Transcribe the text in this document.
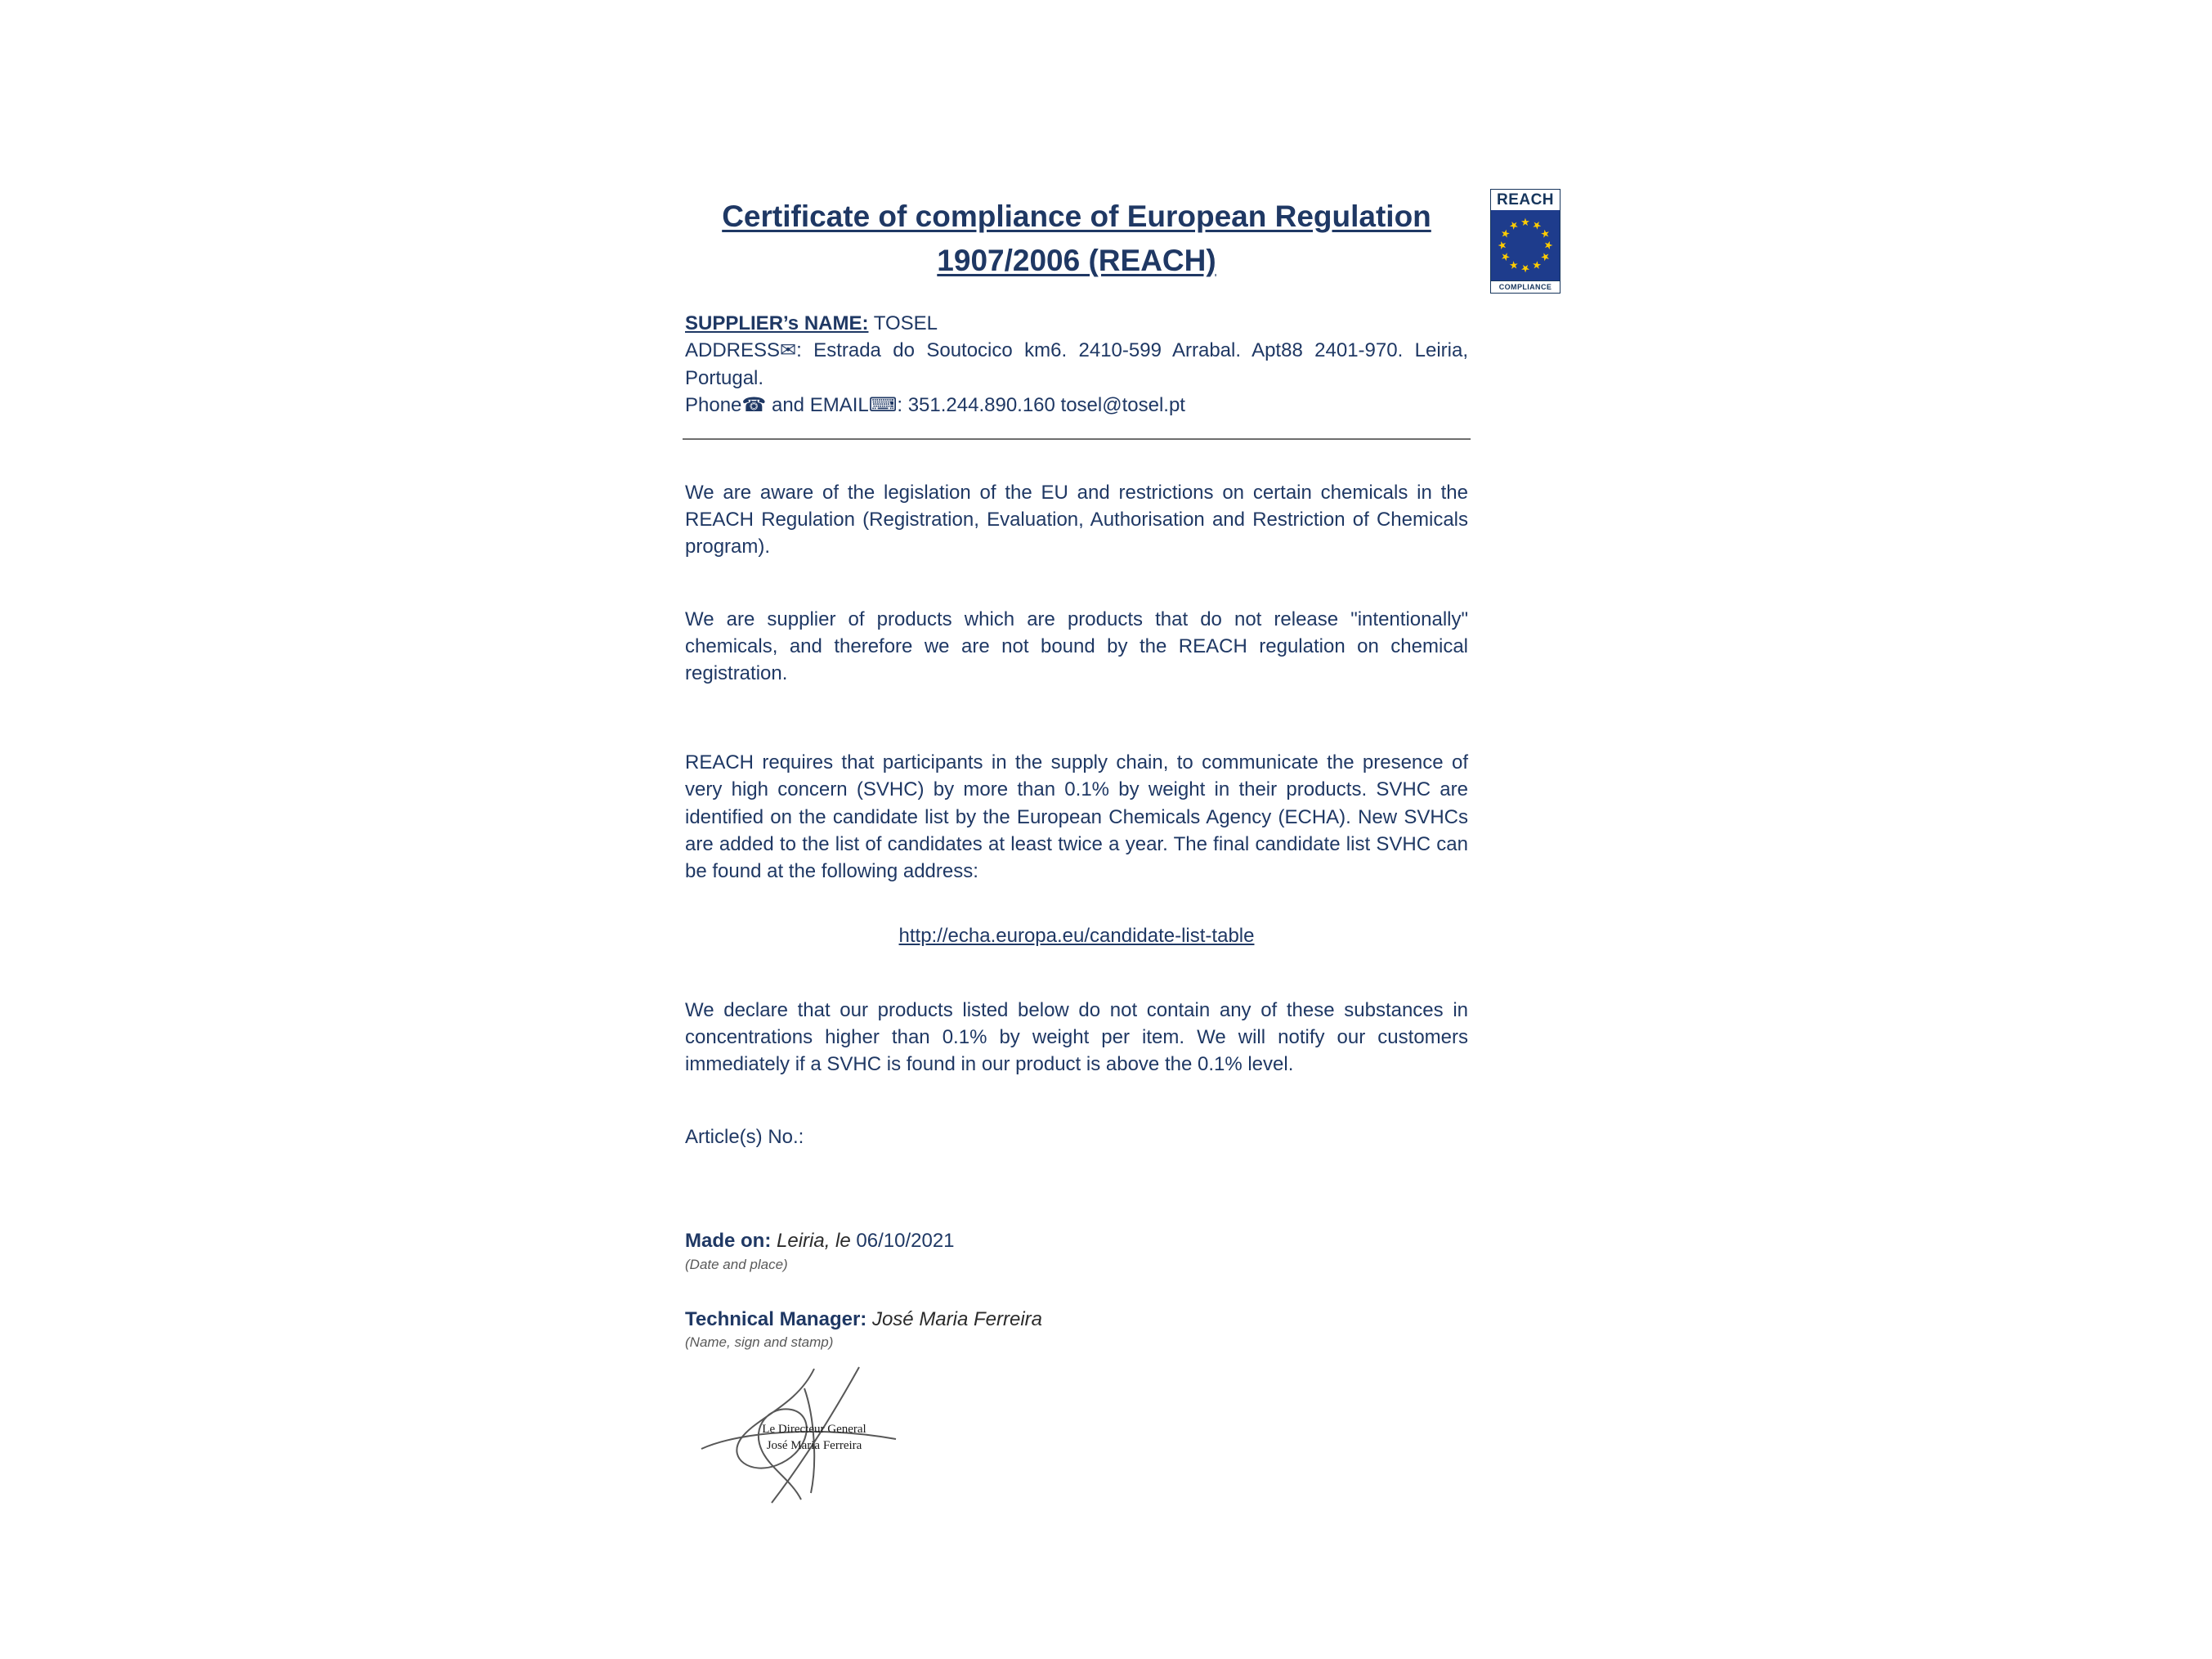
REACH
★ ★
★
★
★
★
★
★
★
★
★
★
COMPLIANCE
Certificate of compliance of European Regulation
1907/2006 (REACH)

SUPPLIER’s NAME: TOSEL

ADDRESS✉: Estrada do Soutocico km6. 2410-599 Arrabal. Apt88 2401-970. Leiria, Portugal.

Phone☎ and EMAIL⌨: 351.244.890.160 tosel@tosel.pt

We are aware of the legislation of the EU and restrictions on certain chemicals in the REACH Regulation (Registration, Evaluation, Authorisation and Restriction of Chemicals program).

We are supplier of products which are products that do not release "intentionally" chemicals, and therefore we are not bound by the REACH regulation on chemical registration.

REACH requires that participants in the supply chain, to communicate the presence of very high concern (SVHC) by more than 0.1% by weight in their products. SVHC are identified on the candidate list by the European Chemicals Agency (ECHA). New SVHCs are added to the list of candidates at least twice a year. The final candidate list SVHC can be found at the following address:

http://echa.europa.eu/candidate-list-table

We declare that our products listed below do not contain any of these substances in concentrations higher than 0.1% by weight per item. We will notify our customers immediately if a SVHC is found in our product is above the 0.1% level.

Article(s) No.:

Made on: Leiria, le 06/10/2021

(Date and place)

Technical Manager: José Maria Ferreira

(Name, sign and stamp)

Le Directeur General
José Maria Ferreira
